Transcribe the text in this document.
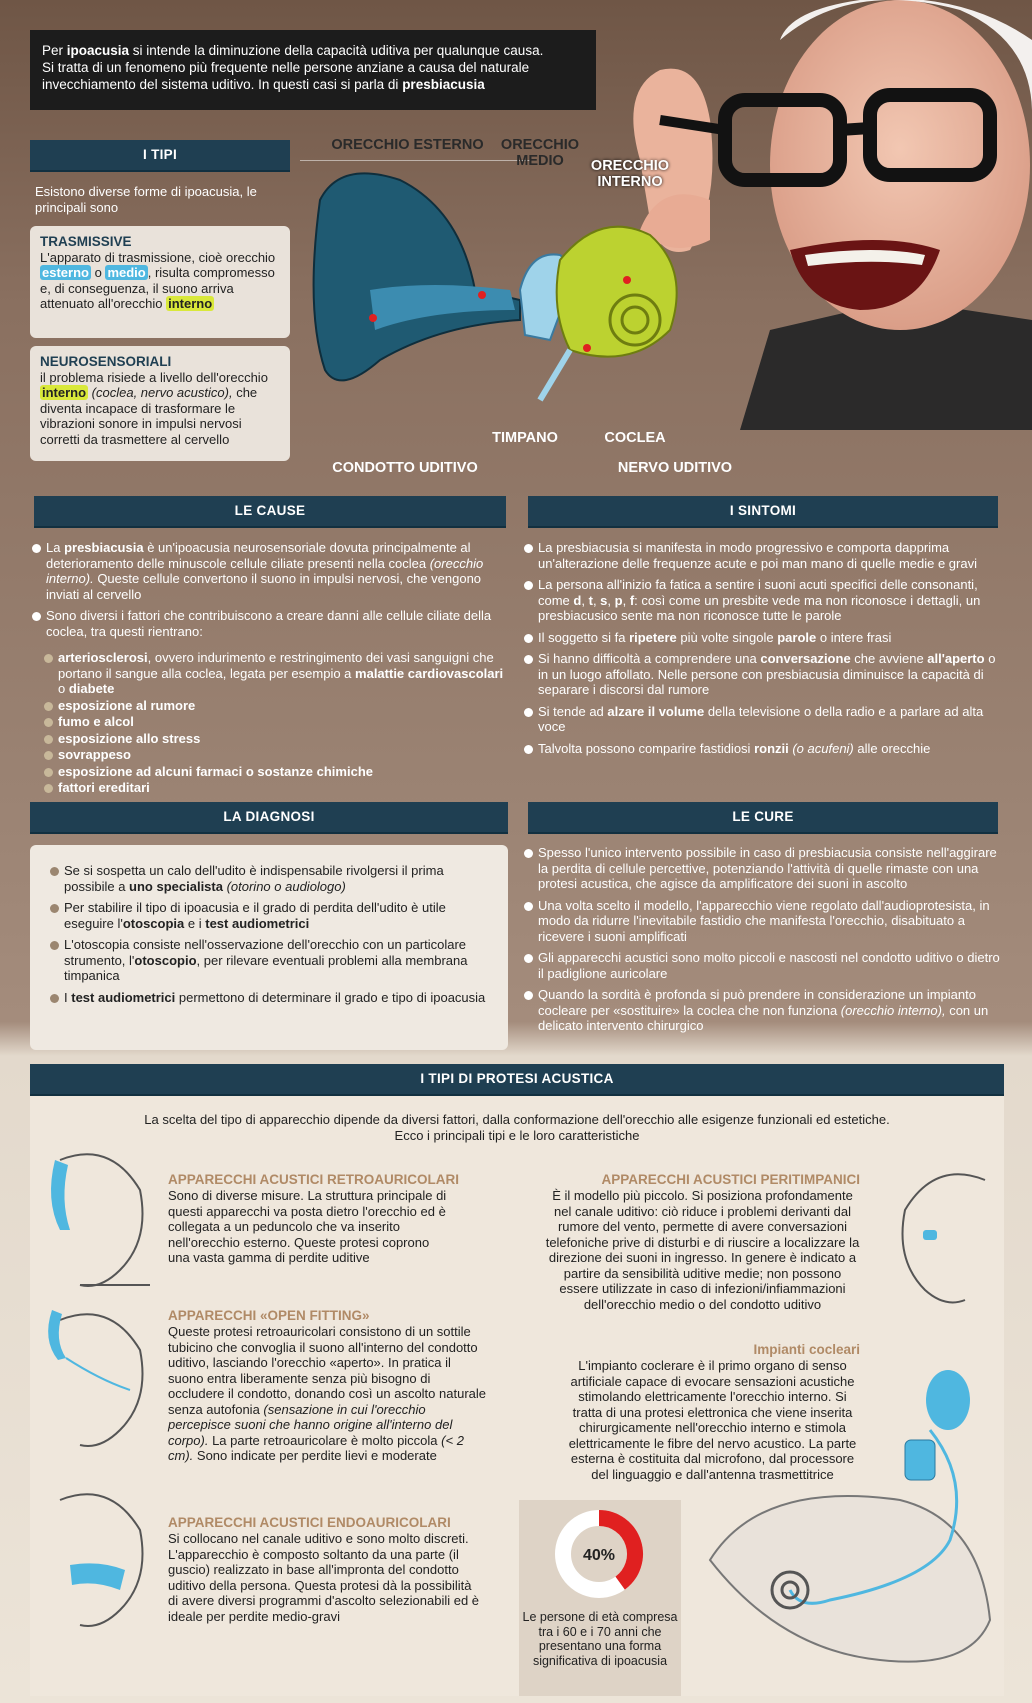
Per ipoacusia si intende la diminuzione della capacità uditiva per qualunque causa.
Si tratta di un fenomeno più frequente nelle persone anziane a causa del naturale
invecchiamento del sistema uditivo. In questi casi si parla di presbiacusia
ORECCHIO ESTERNO ORECCHIO
MEDIO	ORECCHIO
INTERNO
TIMPANO	COCLEA
CONDOTTO UDITIVO	NERVO UDITIVO
I TIPI
Esistono diverse forme di ipoacusia, le principali sono
TRASMISSIVE
L'apparato di trasmissione, cioè orecchio esterno o medio , risulta compromesso e, di conseguenza, il suono arriva attenuato all'orecchio interno
NEUROSENSORIALI
il problema risiede a livello dell'orecchio interno (coclea, nervo acustico), che diventa incapace di trasformare le vibrazioni sonore in impulsi nervosi corretti da trasmettere al cervello
LE CAUSE
La presbiacusia è un'ipoacusia neurosensoriale dovuta principalmente al deterioramento delle minuscole cellule ciliate presenti nella coclea (orecchio interno). Queste cellule convertono il suono in impulsi nervosi, che vengono inviati al cervello
Sono diversi i fattori che contribuiscono a creare danni alle cellule ciliate della coclea, tra questi rientrano:
arteriosclerosi, ovvero indurimento e restringimento dei vasi sanguigni che portano il sangue alla coclea, legata per esempio a malattie cardiovascolari o diabete
esposizione al rumore
fumo e alcol
esposizione allo stress
sovrappeso
esposizione ad alcuni farmaci o sostanze chimiche
fattori ereditari
I SINTOMI
La presbiacusia si manifesta in modo progressivo e comporta dapprima un'alterazione delle frequenze acute e poi man mano di quelle medie e gravi
La persona all'inizio fa fatica a sentire i suoni acuti specifici delle consonanti, come d, t, s, p, f: così come un presbite vede ma non riconosce i dettagli, un presbiacusico sente ma non riconosce tutte le parole
Il soggetto si fa ripetere più volte singole parole o intere frasi
Si hanno difficoltà a comprendere una conversazione che avviene all'aperto o in un luogo affollato. Nelle persone con presbiacusia diminuisce la capacità di separare i discorsi dal rumore
Si tende ad alzare il volume della televisione o della radio e a parlare ad alta voce
Talvolta possono comparire fastidiosi ronzii (o acufeni) alle orecchie
LA DIAGNOSI
Se si sospetta un calo dell'udito è indispensabile rivolgersi il prima possibile a uno specialista (otorino o audiologo)
Per stabilire il tipo di ipoacusia e il grado di perdita dell'udito è utile eseguire l'otoscopia e i test audiometrici
L'otoscopia consiste nell'osservazione dell'orecchio con un particolare strumento, l'otoscopio, per rilevare eventuali problemi alla membrana timpanica
I test audiometrici permettono di determinare il grado e tipo di ipoacusia
LE CURE
Spesso l'unico intervento possibile in caso di presbiacusia consiste nell'aggirare la perdita di cellule percettive, potenziando l'attività di quelle rimaste con una protesi acustica, che agisce da amplificatore dei suoni in ascolto
Una volta scelto il modello, l'apparecchio viene regolato dall'audioprotesista, in modo da ridurre l'inevitabile fastidio che manifesta l'orecchio, disabituato a ricevere i suoni amplificati
Gli apparecchi acustici sono molto piccoli e nascosti nel condotto uditivo o dietro il padiglione auricolare
Quando la sordità è profonda si può prendere in considerazione un impianto cocleare per «sostituire» la coclea che non funziona (orecchio interno), con un delicato intervento chirurgico
I TIPI DI PROTESI ACUSTICA
La scelta del tipo di apparecchio dipende da diversi fattori, dalla conformazione dell'orecchio alle esigenze funzionali ed estetiche.
Ecco i principali tipi e le loro caratteristiche
APPARECCHI ACUSTICI RETROAURICOLARI
Sono di diverse misure. La struttura principale di questi apparecchi va posta dietro l'orecchio ed è collegata a un peduncolo che va inserito nell'orecchio esterno. Queste protesi coprono una vasta gamma di perdite uditive
APPARECCHI «OPEN FITTING»
Queste protesi retroauricolari consistono di un sottile tubicino che convoglia il suono all'interno del condotto uditivo, lasciando l'orecchio «aperto». In pratica il suono entra liberamente senza più bisogno di occludere il condotto, donando così un ascolto naturale senza autofonia (sensazione in cui l'orecchio percepisce suoni che hanno origine all'interno del corpo). La parte retroauricolare è molto piccola (< 2 cm). Sono indicate per perdite lievi e moderate
APPARECCHI ACUSTICI ENDOAURICOLARI
Si collocano nel canale uditivo e sono molto discreti. L'apparecchio è composto soltanto da una parte (il guscio) realizzato in base all'impronta del condotto uditivo della persona. Questa protesi dà la possibilità di avere diversi programmi d'ascolto selezionabili ed è ideale per perdite medio-gravi
APPARECCHI ACUSTICI PERITIMPANICI
È il modello più piccolo. Si posiziona profondamente nel canale uditivo: ciò riduce i problemi derivanti dal rumore del vento, permette di avere conversazioni telefoniche prive di disturbi e di riuscire a localizzare la direzione dei suoni in ingresso. In genere è indicato a partire da sensibilità uditive medie; non possono essere utilizzate in caso di infezioni/infiammazioni dell'orecchio medio o del condotto uditivo
Impianti cocleari
L'impianto coclerare è il primo organo di senso artificiale capace di evocare sensazioni acustiche stimolando elettricamente l'orecchio interno. Si tratta di una protesi elettronica che viene inserita chirurgicamente nell'orecchio interno e stimola elettricamente le fibre del nervo acustico. La parte esterna è costituita dal microfono, dal processore del linguaggio e dall'antenna trasmettitrice
40%
Le persone di età compresa tra i 60 e i 70 anni che presentano una forma significativa di ipoacusia
